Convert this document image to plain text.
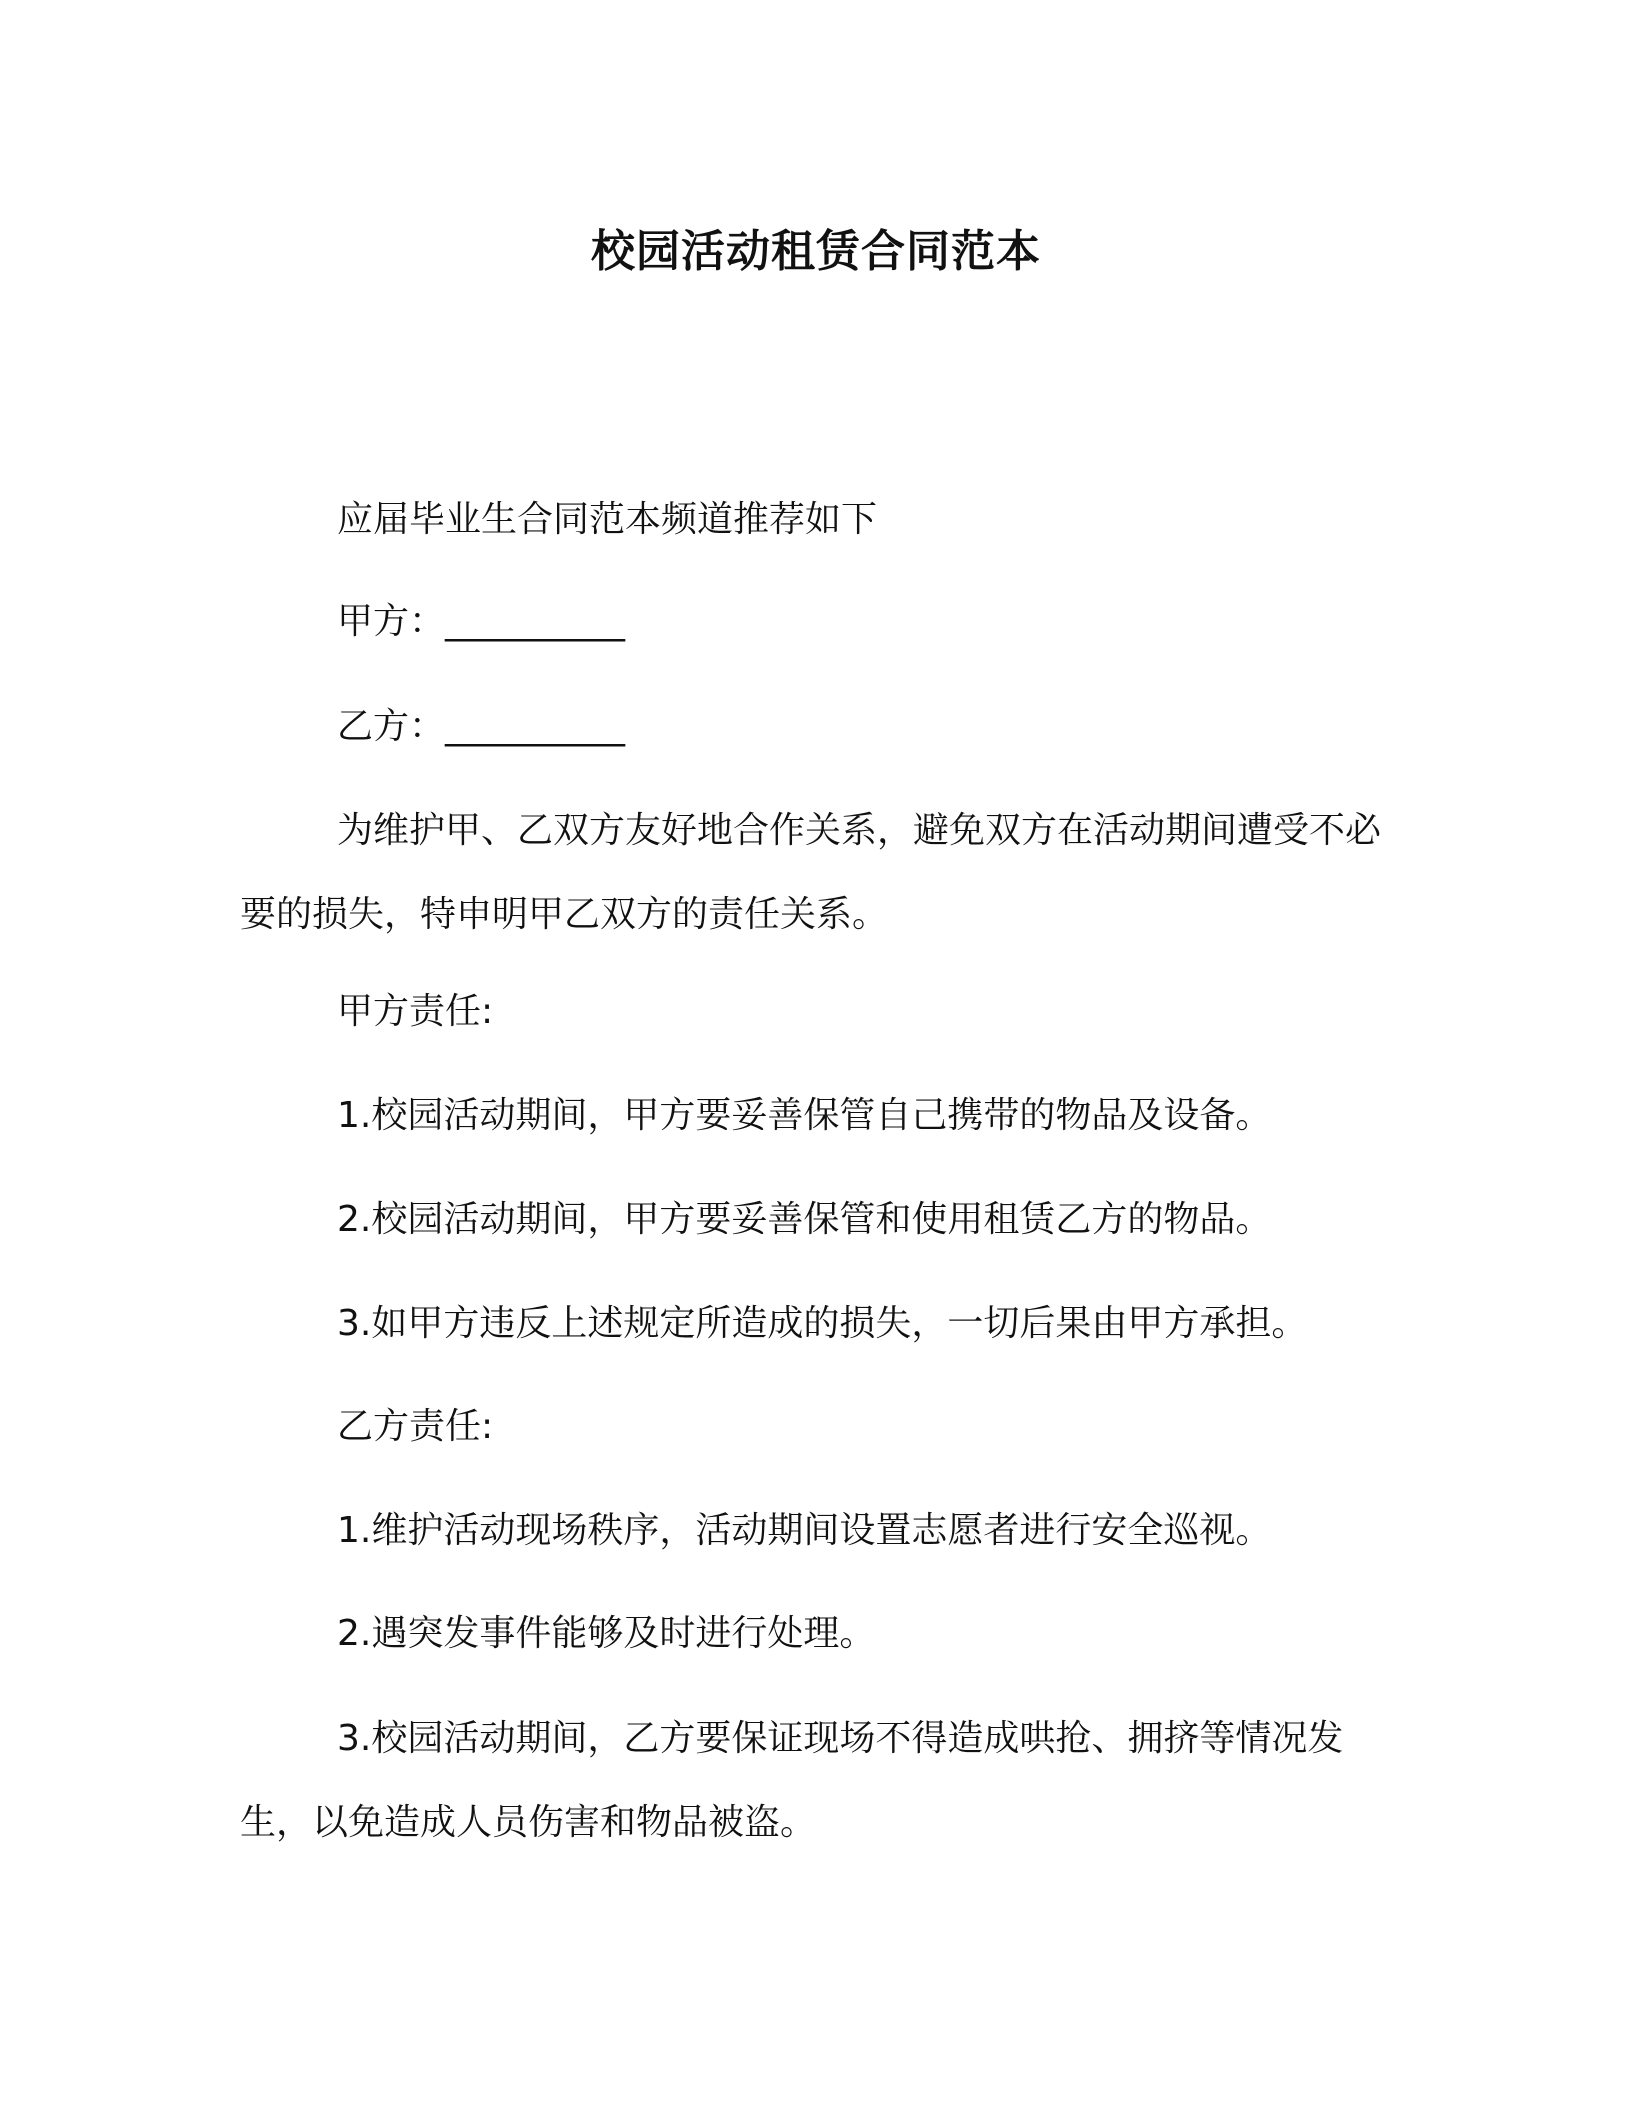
校园活动租赁合同范本

应届毕业生合同范本频道推荐如下

甲方：__________

乙方：__________

为维护甲、乙双方友好地合作关系，避免双方在活动期间遭受不必要的损失，特申明甲乙双方的责任关系。

甲方责任:

1.校园活动期间，甲方要妥善保管自己携带的物品及设备。

2.校园活动期间，甲方要妥善保管和使用租赁乙方的物品。

3.如甲方违反上述规定所造成的损失，一切后果由甲方承担。

乙方责任:

1.维护活动现场秩序，活动期间设置志愿者进行安全巡视。

2.遇突发事件能够及时进行处理。

3.校园活动期间，乙方要保证现场不得造成哄抢、拥挤等情况发生，以免造成人员伤害和物品被盗。
